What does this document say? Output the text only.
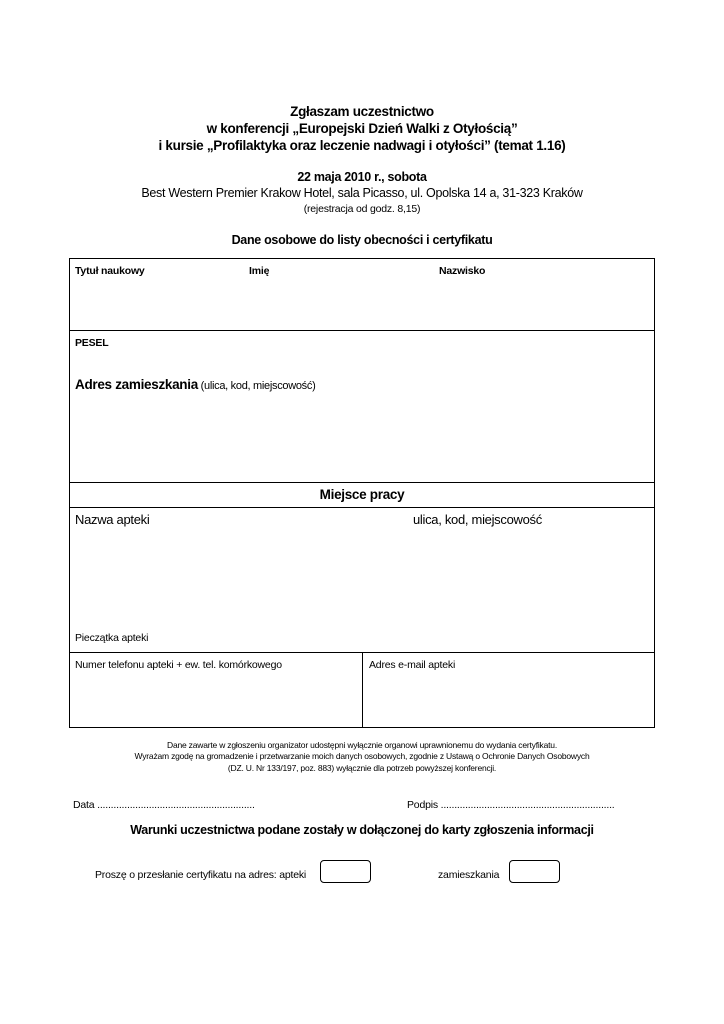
Zgłaszam uczestnictwo
w konferencji „Europejski Dzień Walki z Otyłością”
i kursie „Profilaktyka oraz leczenie nadwagi i otyłości” (temat 1.16)
22 maja 2010 r., sobota
Best Western Premier Krakow Hotel, sala Picasso, ul. Opolska 14 a, 31-323 Kraków
(rejestracja od godz. 8,15)
Dane osobowe do listy obecności i certyfikatu
Tytuł naukowy	Imię	Nazwisko
PESEL
Adres zamieszkania (ulica, kod, miejscowość)
Miejsce pracy
Nazwa apteki	ulica, kod, miejscowość
Pieczątka apteki
Numer telefonu apteki + ew. tel. komórkowego	Adres e-mail apteki
Dane zawarte w zgłoszeniu organizator udostępni wyłącznie organowi uprawnionemu do wydania certyfikatu.
Wyrażam zgodę na gromadzenie i przetwarzanie moich danych osobowych, zgodnie z Ustawą o Ochronie Danych Osobowych
(DZ. U. Nr 133/197, poz. 883) wyłącznie dla potrzeb powyższej konferencji.
Data ..........................................................	Podpis ................................................................
Warunki uczestnictwa podane zostały w dołączonej do karty zgłoszenia informacji
Proszę o przesłanie certyfikatu na adres: apteki	zamieszkania
